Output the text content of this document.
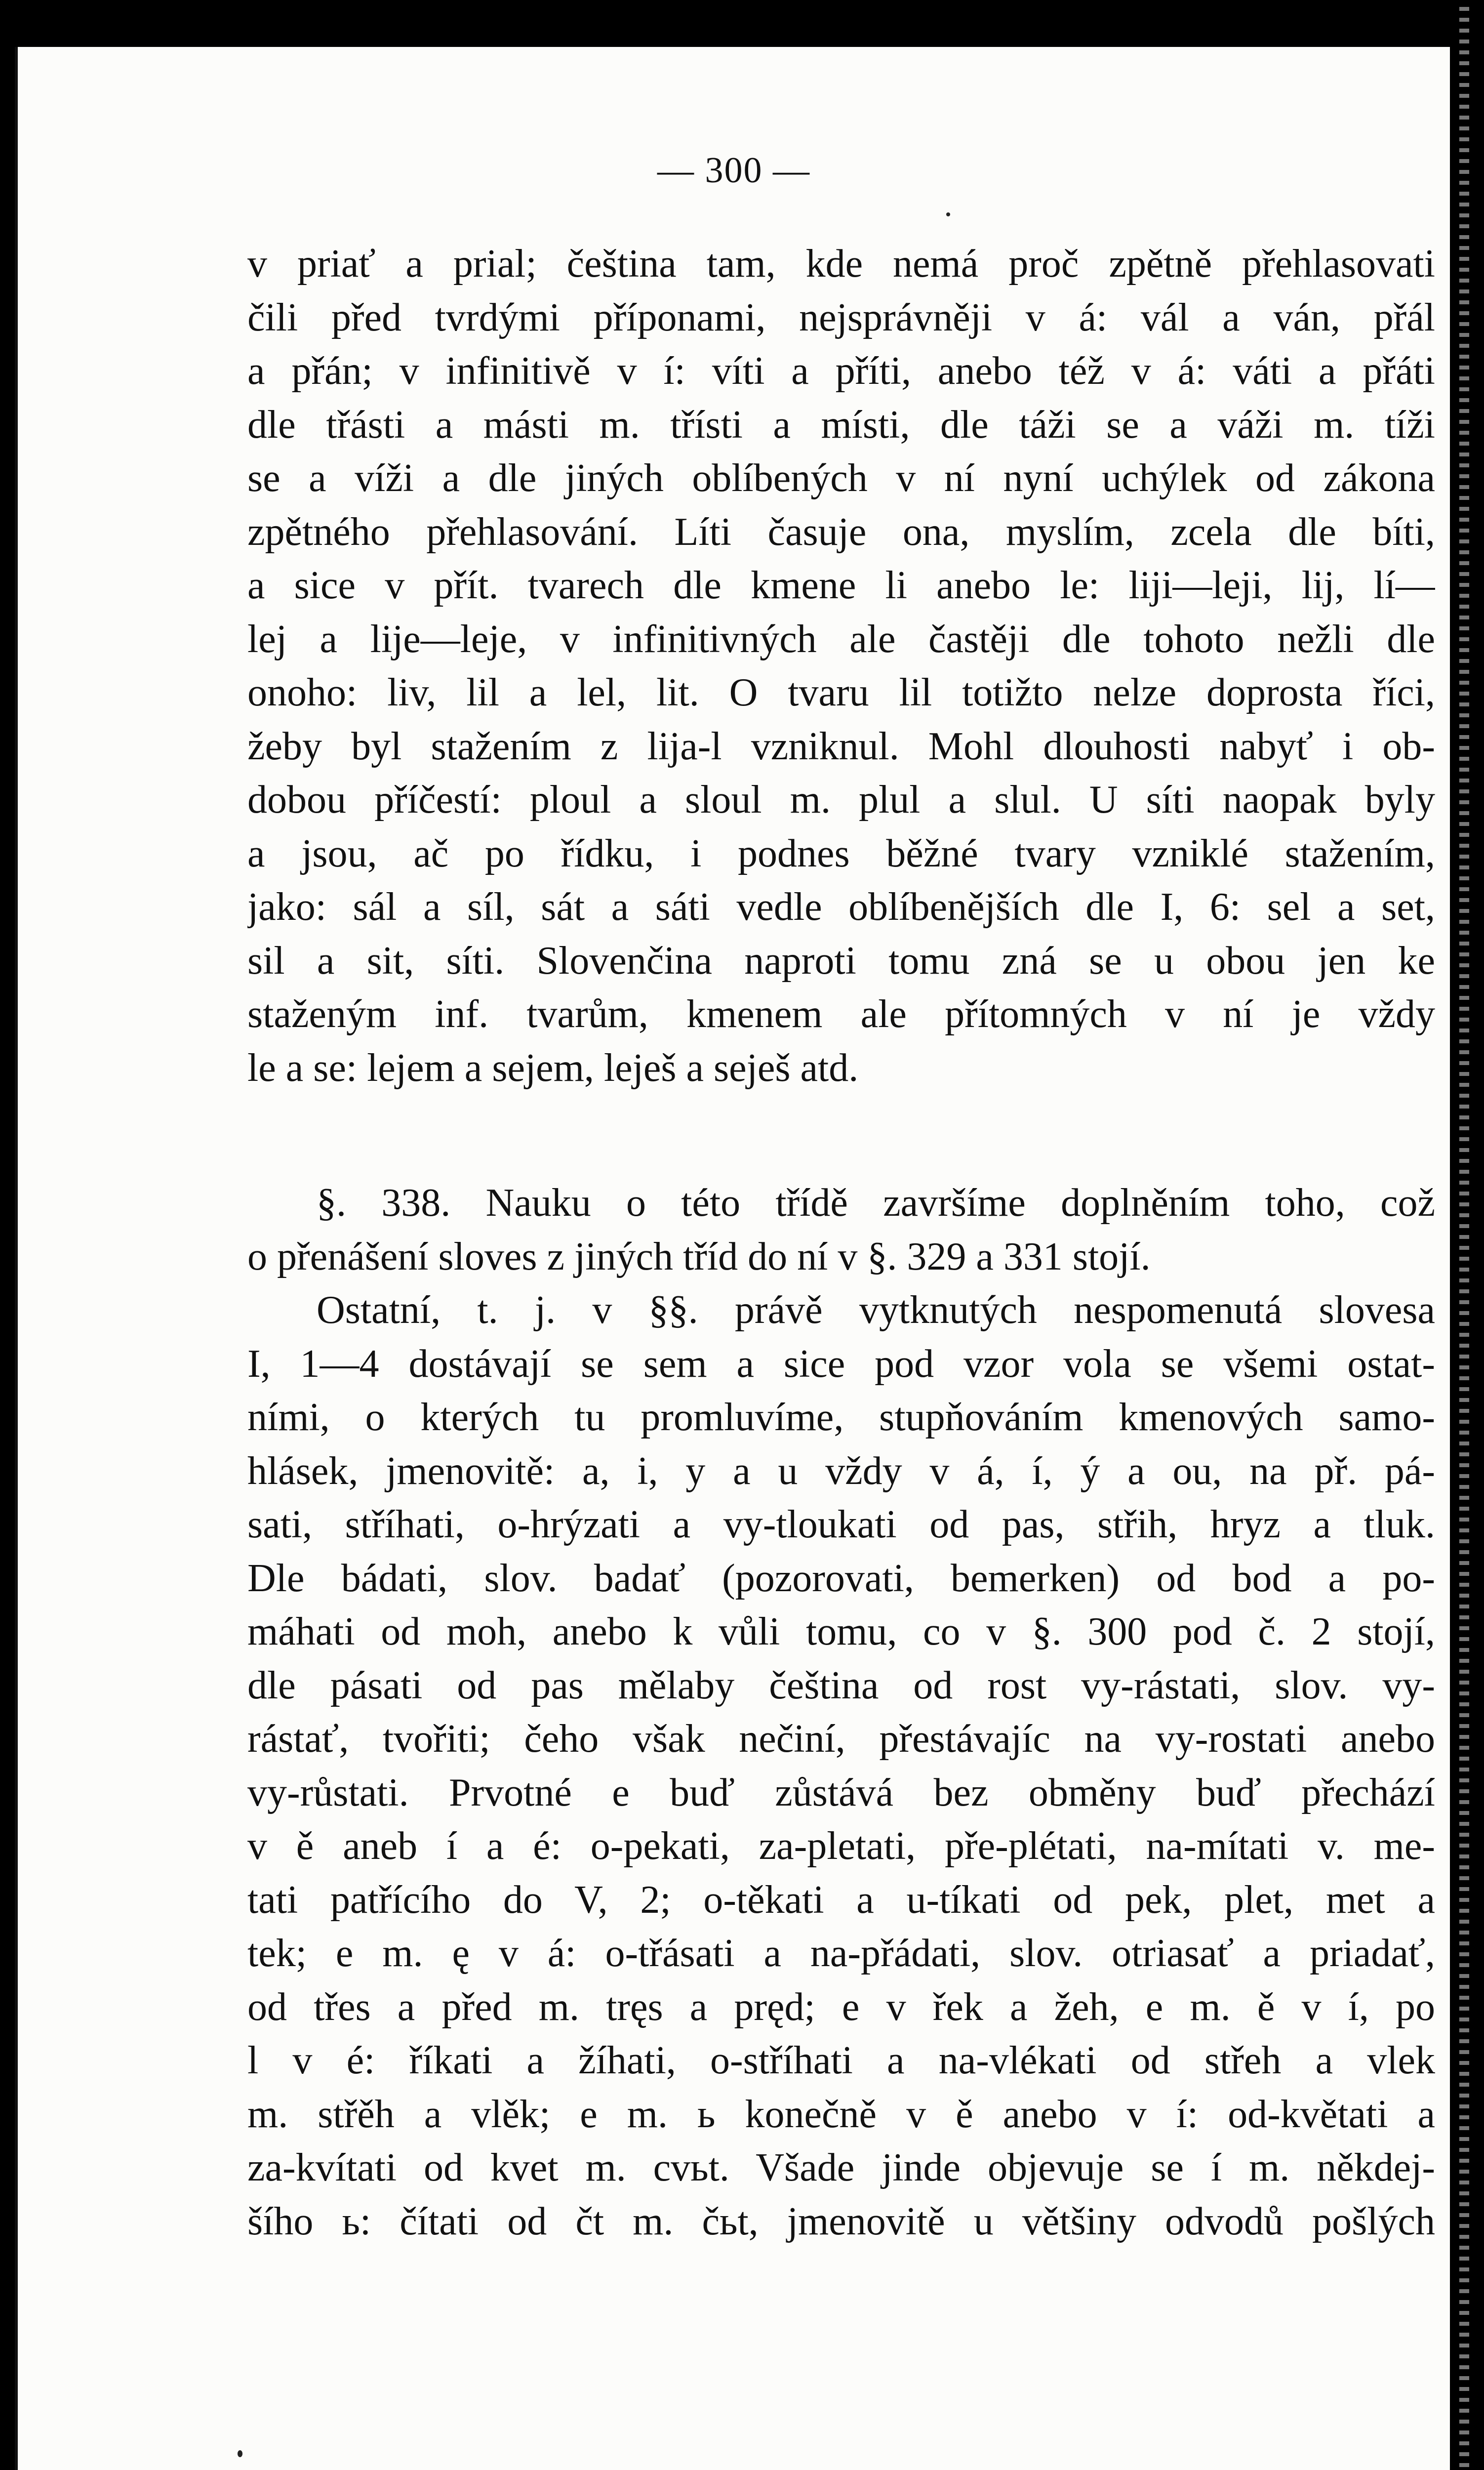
— 300 —
v priať a prial; čeština tam, kde nemá proč zpětně přehlasovati
čili před tvrdými příponami, nejsprávněji v á: vál a ván, přál
a přán; v infinitivě v í: víti a příti, anebo též v á: váti a přáti
dle třásti a másti m. třísti a místi, dle táži se a váži m. tíži
se a víži a dle jiných oblíbených v ní nyní uchýlek od zákona
zpětného přehlasování. Líti časuje ona, myslím, zcela dle bíti,
a sice v přít. tvarech dle kmene li anebo le: liji—leji, lij, lí—
lej a lije—leje, v infinitivných ale častěji dle tohoto nežli dle
onoho: liv, lil a lel, lit. O tvaru lil totižto nelze doprosta říci,
žeby byl stažením z lija-l vzniknul. Mohl dlouhosti nabyť i ob-
dobou příčestí: ploul a sloul m. plul a slul. U síti naopak byly
a jsou, ač po řídku, i podnes běžné tvary vzniklé stažením,
jako: sál a síl, sát a sáti vedle oblíbenějších dle I, 6: sel a set,
sil a sit, síti. Slovenčina naproti tomu zná se u obou jen ke
staženým inf. tvarům, kmenem ale přítomných v ní je vždy
le a se: lejem a sejem, leješ a seješ atd.
§. 338. Nauku o této třídě završíme doplněním toho, což
o přenášení sloves z jiných tříd do ní v §. 329 a 331 stojí.
Ostatní, t. j. v §§. právě vytknutých nespomenutá slovesa
I, 1—4 dostávají se sem a sice pod vzor vola se všemi ostat-
ními, o kterých tu promluvíme, stupňováním kmenových samo-
hlásek, jmenovitě: a, i, y a u vždy v á, í, ý a ou, na př. pá-
sati, stříhati, o-hrýzati a vy-tloukati od pas, střih, hryz a tluk.
Dle bádati, slov. badať (pozorovati, bemerken) od bod a po-
máhati od moh, anebo k vůli tomu, co v §. 300 pod č. 2 stojí,
dle pásati od pas mělaby čeština od rost vy-rástati, slov. vy-
rástať, tvořiti; čeho však nečiní, přestávajíc na vy-rostati anebo
vy-růstati. Prvotné e buď zůstává bez obměny buď přechází
v ě aneb í a é: o-pekati, za-pletati, pře-plétati, na-mítati v. me-
tati patřícího do V, 2; o-těkati a u-tíkati od pek, plet, met a
tek; e m. ę v á: o-třásati a na-přádati, slov. otriasať a priadať,
od třes a před m. tręs a pręd; e v řek a žeh, e m. ě v í, po
l v é: říkati a žíhati, o-stříhati a na-vlékati od střeh a vlek
m. střěh a vlěk; e m. ь konečně v ě anebo v í: od-květati a
za-kvítati od kvet m. cvьt. Všade jinde objevuje se í m. někdej-
šího ь: čítati od čt m. čьt, jmenovitě u většiny odvodů pošlých
